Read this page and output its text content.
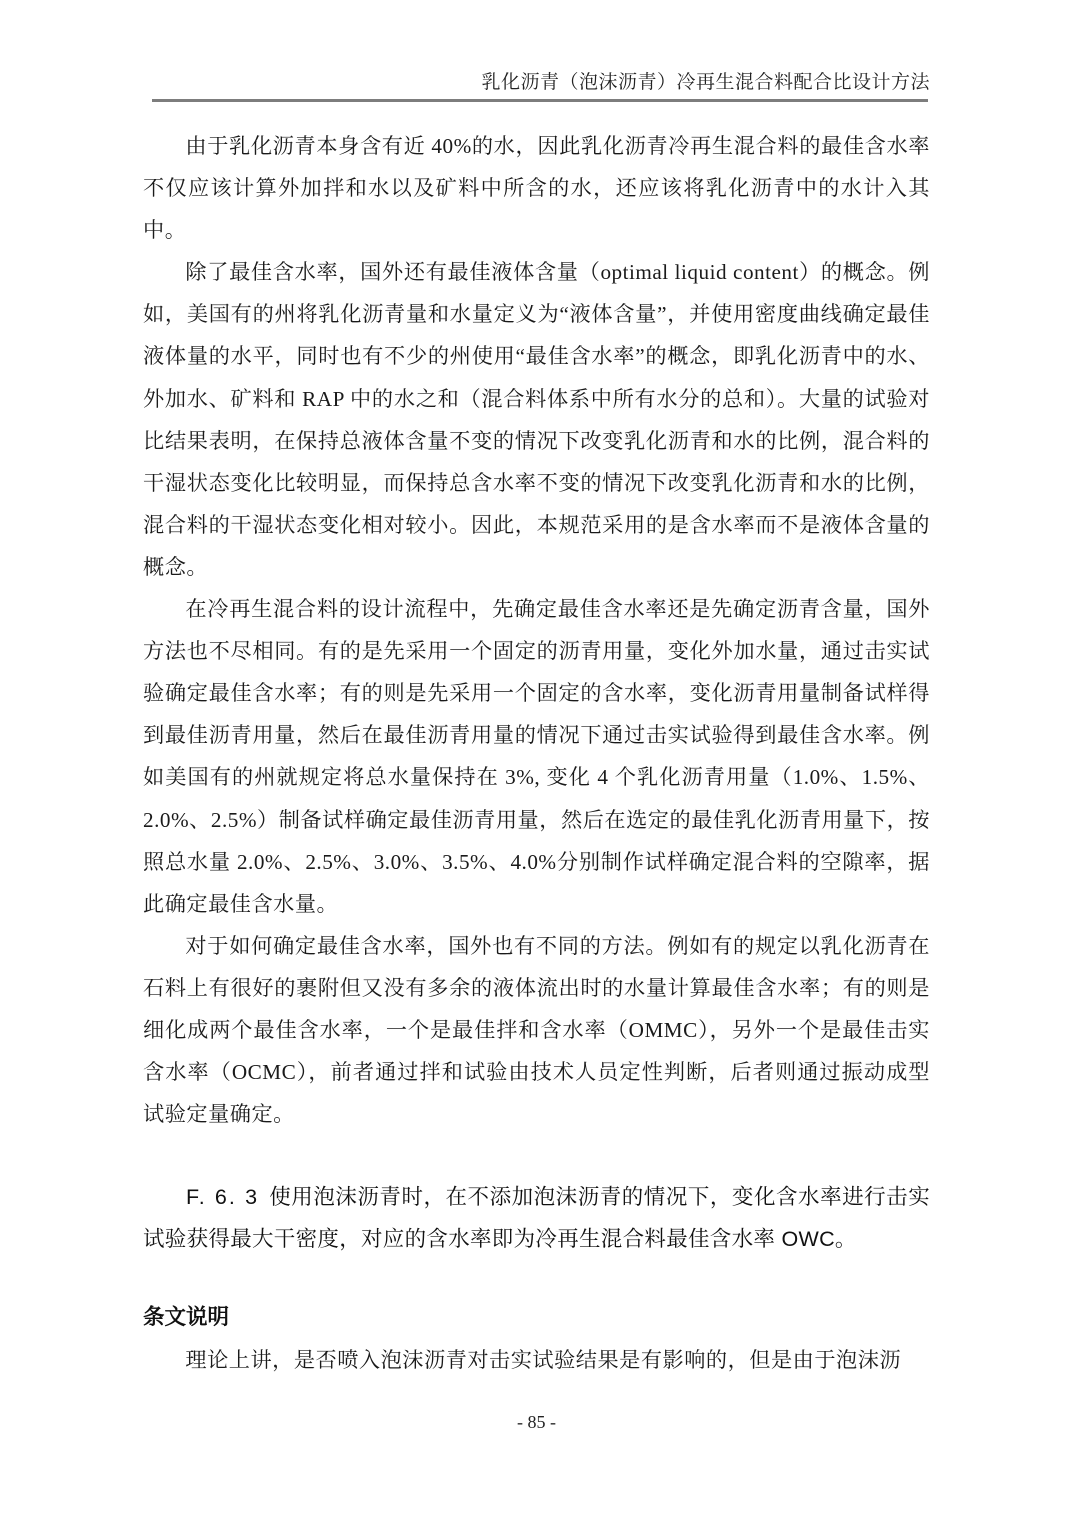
乳化沥青（泡沫沥青）冷再生混合料配合比设计方法

由于乳化沥青本身含有近 40%的水，因此乳化沥青冷再生混合料的最佳含水率不仅应该计算外加拌和水以及矿料中所含的水，还应该将乳化沥青中的水计入其中。

除了最佳含水率，国外还有最佳液体含量（optimal liquid content）的概念。例如，美国有的州将乳化沥青量和水量定义为“液体含量”，并使用密度曲线确定最佳液体量的水平，同时也有不少的州使用“最佳含水率”的概念，即乳化沥青中的水、外加水、矿料和 RAP 中的水之和（混合料体系中所有水分的总和）。大量的试验对比结果表明，在保持总液体含量不变的情况下改变乳化沥青和水的比例，混合料的干湿状态变化比较明显，而保持总含水率不变的情况下改变乳化沥青和水的比例，混合料的干湿状态变化相对较小。因此，本规范采用的是含水率而不是液体含量的概念。

在冷再生混合料的设计流程中，先确定最佳含水率还是先确定沥青含量，国外方法也不尽相同。有的是先采用一个固定的沥青用量，变化外加水量，通过击实试验确定最佳含水率；有的则是先采用一个固定的含水率，变化沥青用量制备试样得到最佳沥青用量，然后在最佳沥青用量的情况下通过击实试验得到最佳含水率。例如美国有的州就规定将总水量保持在 3%, 变化 4 个乳化沥青用量（1.0%、1.5%、2.0%、2.5%）制备试样确定最佳沥青用量，然后在选定的最佳乳化沥青用量下，按照总水量 2.0%、2.5%、3.0%、3.5%、4.0%分别制作试样确定混合料的空隙率，据此确定最佳含水量。

对于如何确定最佳含水率，国外也有不同的方法。例如有的规定以乳化沥青在石料上有很好的裹附但又没有多余的液体流出时的水量计算最佳含水率；有的则是细化成两个最佳含水率，一个是最佳拌和含水率（OMMC），另外一个是最佳击实含水率（OCMC），前者通过拌和试验由技术人员定性判断，后者则通过振动成型试验定量确定。

F. 6. 3 使用泡沫沥青时，在不添加泡沫沥青的情况下，变化含水率进行击实试验获得最大干密度，对应的含水率即为冷再生混合料最佳含水率 OWC。

条文说明

理论上讲，是否喷入泡沫沥青对击实试验结果是有影响的，但是由于泡沫沥

- 85 -
